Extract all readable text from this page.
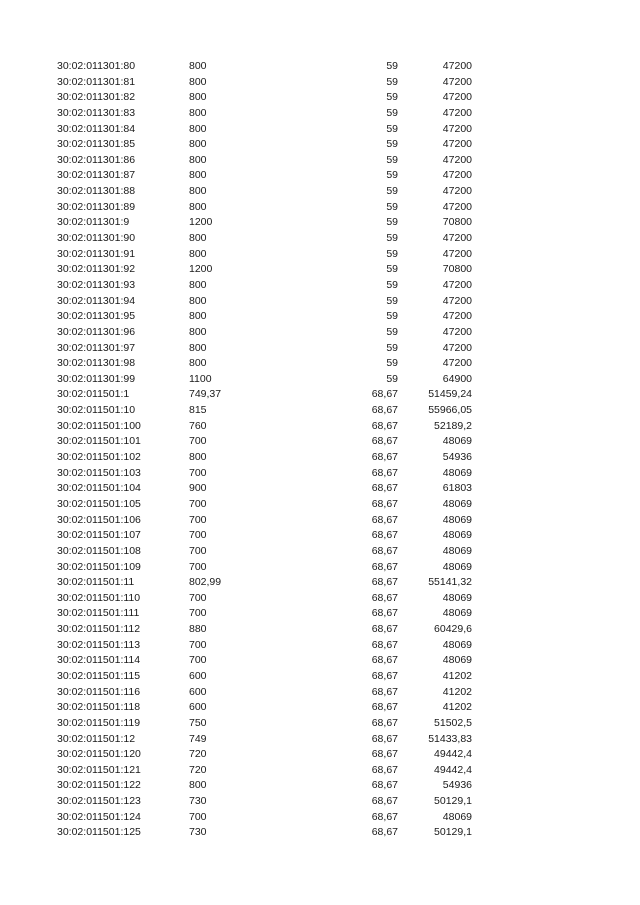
30:02:011301:80	800	59	47200
30:02:011301:81	800	59	47200
30:02:011301:82	800	59	47200
30:02:011301:83	800	59	47200
30:02:011301:84	800	59	47200
30:02:011301:85	800	59	47200
30:02:011301:86	800	59	47200
30:02:011301:87	800	59	47200
30:02:011301:88	800	59	47200
30:02:011301:89	800	59	47200
30:02:011301:9	1200	59	70800
30:02:011301:90	800	59	47200
30:02:011301:91	800	59	47200
30:02:011301:92	1200	59	70800
30:02:011301:93	800	59	47200
30:02:011301:94	800	59	47200
30:02:011301:95	800	59	47200
30:02:011301:96	800	59	47200
30:02:011301:97	800	59	47200
30:02:011301:98	800	59	47200
30:02:011301:99	1100	59	64900
30:02:011501:1	749,37	68,67	51459,24
30:02:011501:10	815	68,67	55966,05
30:02:011501:100	760	68,67	52189,2
30:02:011501:101	700	68,67	48069
30:02:011501:102	800	68,67	54936
30:02:011501:103	700	68,67	48069
30:02:011501:104	900	68,67	61803
30:02:011501:105	700	68,67	48069
30:02:011501:106	700	68,67	48069
30:02:011501:107	700	68,67	48069
30:02:011501:108	700	68,67	48069
30:02:011501:109	700	68,67	48069
30:02:011501:11	802,99	68,67	55141,32
30:02:011501:110	700	68,67	48069
30:02:011501:111	700	68,67	48069
30:02:011501:112	880	68,67	60429,6
30:02:011501:113	700	68,67	48069
30:02:011501:114	700	68,67	48069
30:02:011501:115	600	68,67	41202
30:02:011501:116	600	68,67	41202
30:02:011501:118	600	68,67	41202
30:02:011501:119	750	68,67	51502,5
30:02:011501:12	749	68,67	51433,83
30:02:011501:120	720	68,67	49442,4
30:02:011501:121	720	68,67	49442,4
30:02:011501:122	800	68,67	54936
30:02:011501:123	730	68,67	50129,1
30:02:011501:124	700	68,67	48069
30:02:011501:125	730	68,67	50129,1
